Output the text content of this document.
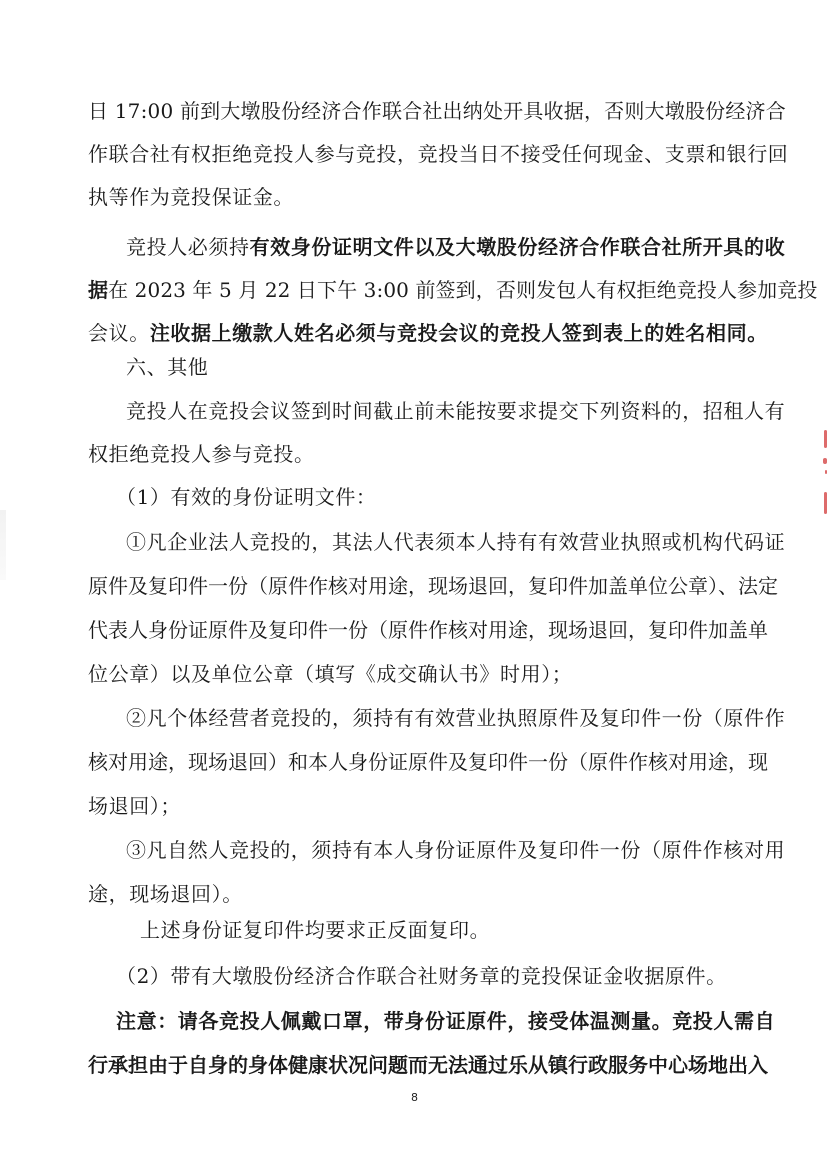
日 17:00 前到大墩股份经济合作联合社出纳处开具收据，否则大墩股份经济合
作联合社有权拒绝竞投人参与竞投，竞投当日不接受任何现金、支票和银行回
执等作为竞投保证金。
竞投人必须持有效身份证明文件以及大墩股份经济合作联合社所开具的收
据在 2023 年 5 月 22 日下午 3:00 前签到，否则发包人有权拒绝竞投人参加竞投
会议。注收据上缴款人姓名必须与竞投会议的竞投人签到表上的姓名相同。
六、其他
竞投人在竞投会议签到时间截止前未能按要求提交下列资料的，招租人有
权拒绝竞投人参与竞投。
（1）有效的身份证明文件：
①凡企业法人竞投的，其法人代表须本人持有有效营业执照或机构代码证
原件及复印件一份（原件作核对用途，现场退回，复印件加盖单位公章）、法定
代表人身份证原件及复印件一份（原件作核对用途，现场退回，复印件加盖单
位公章）以及单位公章（填写《成交确认书》时用）；
②凡个体经营者竞投的，须持有有效营业执照原件及复印件一份（原件作
核对用途，现场退回）和本人身份证原件及复印件一份（原件作核对用途，现
场退回）；
③凡自然人竞投的，须持有本人身份证原件及复印件一份（原件作核对用
途，现场退回）。
上述身份证复印件均要求正反面复印。
（2）带有大墩股份经济合作联合社财务章的竞投保证金收据原件。
注意：请各竞投人佩戴口罩，带身份证原件，接受体温测量。竞投人需自
行承担由于自身的身体健康状况问题而无法通过乐从镇行政服务中心场地出入
8
